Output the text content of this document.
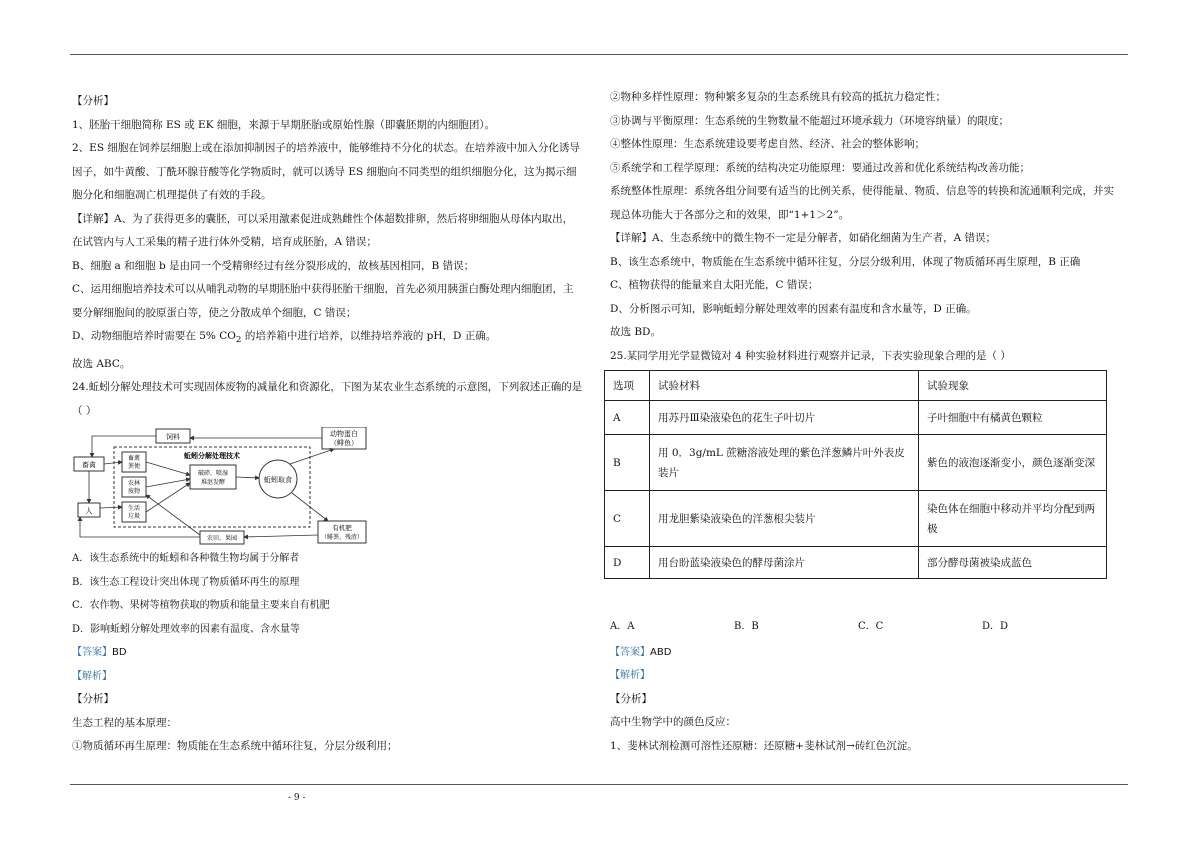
【分析】

1、胚胎干细胞简称 ES 或 EK 细胞，来源于早期胚胎或原始性腺（即囊胚期的内细胞团）。

2、ES 细胞在饲养层细胞上或在添加抑制因子的培养液中，能够维持不分化的状态。在培养液中加入分化诱导

因子，如牛黄酸、丁酰环腺苷酸等化学物质时，就可以诱导 ES 细胞向不同类型的组织细胞分化，这为揭示细

胞分化和细胞凋亡机理提供了有效的手段。

【详解】A、为了获得更多的囊胚，可以采用激素促进成熟雌性个体超数排卵，然后将卵细胞从母体内取出，

在试管内与人工采集的精子进行体外受精，培育成胚胎，A 错误；

B、细胞 a 和细胞 b 是由同一个受精卵经过有丝分裂形成的，故核基因相同，B 错误；

C、运用细胞培养技术可以从哺乳动物的早期胚胎中获得胚胎干细胞，首先必须用胰蛋白酶处理内细胞团，主

要分解细胞间的胶原蛋白等，使之分散成单个细胞，C 错误；

D、动物细胞培养时需要在 5% $CO_2$ 的培养箱中进行培养，以维持培养液的 pH，D 正确。

故选 ABC。

24.蚯蚓分解处理技术可实现固体废物的减量化和资源化，下图为某农业生态系统的示意图，下列叙述正确的是

（ ）

饲料	动物蛋白
（鲱鱼）
畜禽
人
畜禽
粪便
农林
废物
生活
垃圾
蚯蚓分解处理技术
破碎、喷湿
堆沤发酵	蚯蚓取食
农田、果园
有机肥
（鲱粪、残渣）

A．该生态系统中的蚯蚓和各种微生物均属于分解者

B．该生态工程设计突出体现了物质循环再生的原理

C．农作物、果树等植物获取的物质和能量主要来自有机肥

D．影响蚯蚓分解处理效率的因素有温度、含水量等

【答案】BD

【解析】

【分析】

生态工程的基本原理：

①物质循环再生原理：物质能在生态系统中循环往复，分层分级利用；

②物种多样性原理：物种繁多复杂的生态系统具有较高的抵抗力稳定性；

③协调与平衡原理：生态系统的生物数量不能超过环境承载力（环境容纳量）的限度；

④整体性原理：生态系统建设要考虑自然、经济、社会的整体影响；

⑤系统学和工程学原理：系统的结构决定功能原理：要通过改善和优化系统结构改善功能；

系统整体性原理：系统各组分间要有适当的比例关系，使得能量、物质、信息等的转换和流通顺利完成，并实

现总体功能大于各部分之和的效果，即“1+1＞2”。

【详解】A、生态系统中的微生物不一定是分解者，如硝化细菌为生产者，A 错误；

B、该生态系统中，物质能在生态系统中循环往复，分层分级利用，体现了物质循环再生原理，B 正确

C、植物获得的能量来自太阳光能，C 错误；

D、分析图示可知，影响蚯蚓分解处理效率的因素有温度和含水量等，D 正确。

故选 BD。

25.某同学用光学显微镜对 4 种实验材料进行观察并记录，下表实验现象合理的是（ ）

选项	试验材料	试验现象
A	用苏丹Ⅲ染液染色的花生子叶切片	子叶细胞中有橘黄色颗粒
B	用 0．3g/mL 蔗糖溶液处理的紫色洋葱鳞片叶外表皮装片	紫色的液泡逐渐变小，颜色逐渐变深
C	用龙胆紫染液染色的洋葱根尖装片	染色体在细胞中移动并平均分配到两极
D	用台盼蓝染液染色的酵母菌涂片	部分酵母菌被染成蓝色
A．A	B．B	C．C	D．D

【答案】ABD

【解析】

【分析】

高中生物学中的颜色反应：

1、斐林试剂检测可溶性还原糖：还原糖+斐林试剂→砖红色沉淀。

- 9 -
